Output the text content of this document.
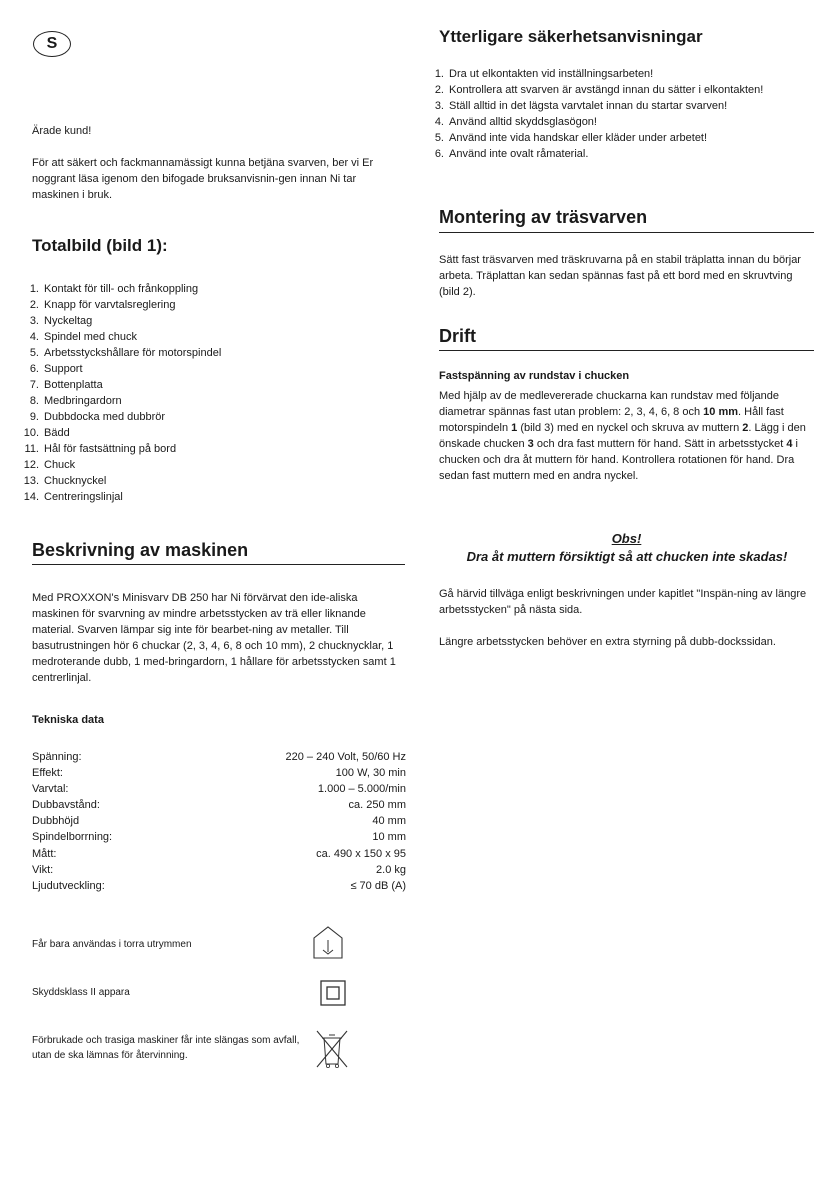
S

Ärade kund!

För att säkert och fackmannamässigt kunna betjäna svarven, ber vi Er noggrant läsa igenom den bifogade bruksanvisnin-gen innan Ni tar maskinen i bruk.

Totalbild (bild 1):
1. Kontakt för till- och frånkoppling
2. Knapp för varvtalsreglering
3. Nyckeltag
4. Spindel med chuck
5. Arbetsstyckshållare för motorspindel
6. Support
7. Bottenplatta
8. Medbringardorn
9. Dubbdocka med dubbrör
10. Bädd
11. Hål för fastsättning på bord
12. Chuck
13. Chucknyckel
14. Centreringslinjal
Beskrivning av maskinen

Med PROXXON's Minisvarv DB 250 har Ni förvärvat den ide-aliska maskinen för svarvning av mindre arbetsstycken av trä eller liknande material. Svarven lämpar sig inte för bearbet-ning av metaller. Till basutrustningen hör 6 chuckar (2, 3, 4, 6, 8 och 10 mm), 2 chucknycklar, 1 medroterande dubb, 1 med-bringardorn, 1 hållare för arbetsstycken samt 1 centrerlinjal.

Tekniska data

Spänning:	220 – 240 Volt, 50/60 Hz
Effekt:	100 W, 30 min
Varvtal:	1.000 – 5.000/min
Dubbavstånd:	ca. 250 mm
Dubbhöjd	40 mm
Spindelborrning:	10 mm
Mått:	ca. 490 x 150 x 95
Vikt:	2.0 kg
Ljudutveckling:	≤ 70 dB (A)

Får bara användas i torra utrymmen

Skyddsklass II appara

Förbrukade och trasiga maskiner får inte slängas som avfall, utan de ska lämnas för återvinning.

Ytterligare säkerhetsanvisningar
1. Dra ut elkontakten vid inställningsarbeten!
2. Kontrollera att svarven är avstängd innan du sätter i elkontakten!
3. Ställ alltid in det lägsta varvtalet innan du startar svarven!
4. Använd alltid skyddsglasögon!
5. Använd inte vida handskar eller kläder under arbetet!
6. Använd inte ovalt råmaterial.
Montering av träsvarven

Sätt fast träsvarven med träskruvarna på en stabil träplatta innan du börjar arbeta. Träplattan kan sedan spännas fast på ett bord med en skruvtving (bild 2).

Drift

Fastspänning av rundstav i chucken

Med hjälp av de medlevererade chuckarna kan rundstav med följande diametrar spännas fast utan problem: 2, 3, 4, 6, 8 och 10 mm. Håll fast motorspindeln 1 (bild 3) med en nyckel och skruva av muttern 2. Lägg i den önskade chucken 3 och dra fast muttern för hand. Sätt in arbetsstycket 4 i chucken och dra åt muttern för hand. Kontrollera rotationen för hand. Dra sedan fast muttern med en andra nyckel.

Obs!
Dra åt muttern försiktigt så att chucken inte skadas!

Gå härvid tillväga enligt beskrivningen under kapitlet "Inspän-ning av längre arbetsstycken" på nästa sida.

Längre arbetsstycken behöver en extra styrning på dubb-dockssidan.
